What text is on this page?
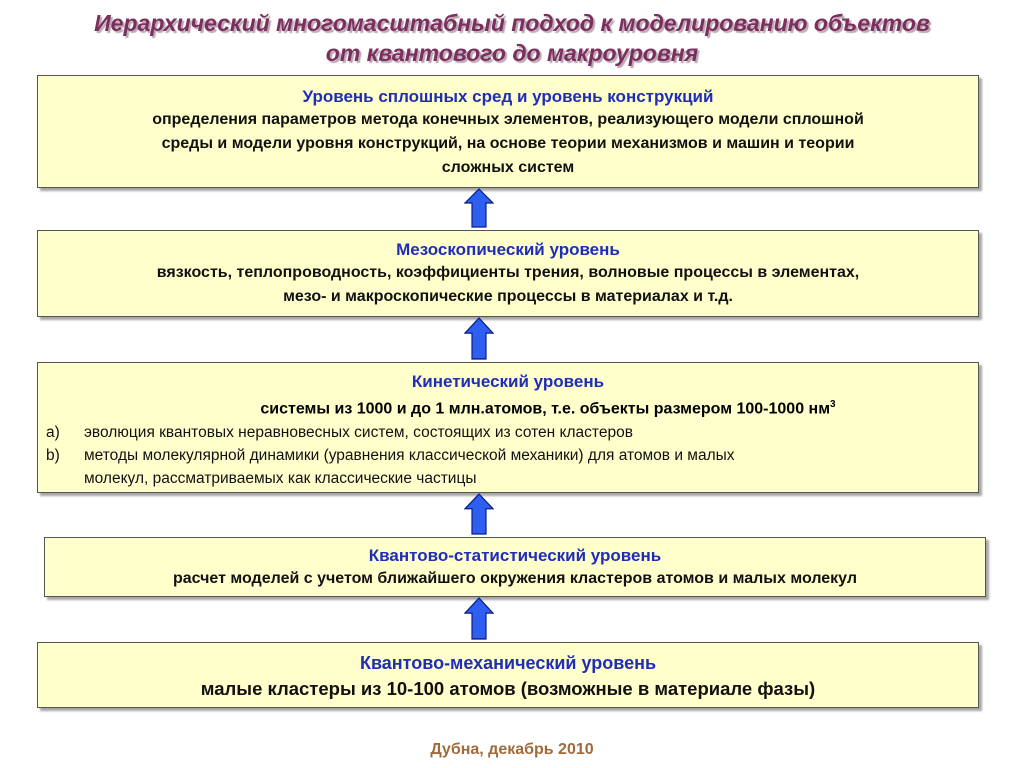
Иерархический многомасштабный подход к моделированию объектов
от квантового до макроуровня
Уровень сплошных сред и уровень конструкций
определения параметров метода конечных элементов, реализующего модели сплошной
среды и модели уровня конструкций, на основе теории механизмов и машин и теории
сложных систем
Мезоскопический уровень
вязкость, теплопроводность, коэффициенты трения, волновые процессы в элементах,
мезо- и макроскопические процессы в материалах и т.д.
Кинетический уровень
системы из 1000 и до 1 млн.атомов, т.е. объекты размером 100-1000 $нм^3$
a) эволюция квантовых неравновесных систем, состоящих из сотен кластеров
b) методы молекулярной динамики (уравнения классической механики) для атомов и малых
молекул, рассматриваемых как классические частицы
Квантово-статистический уровень
расчет моделей с учетом ближайшего окружения кластеров атомов и малых молекул
Квантово-механический уровень
малые кластеры из 10-100 атомов (возможные в материале фазы)
Дубна, декабрь 2010
